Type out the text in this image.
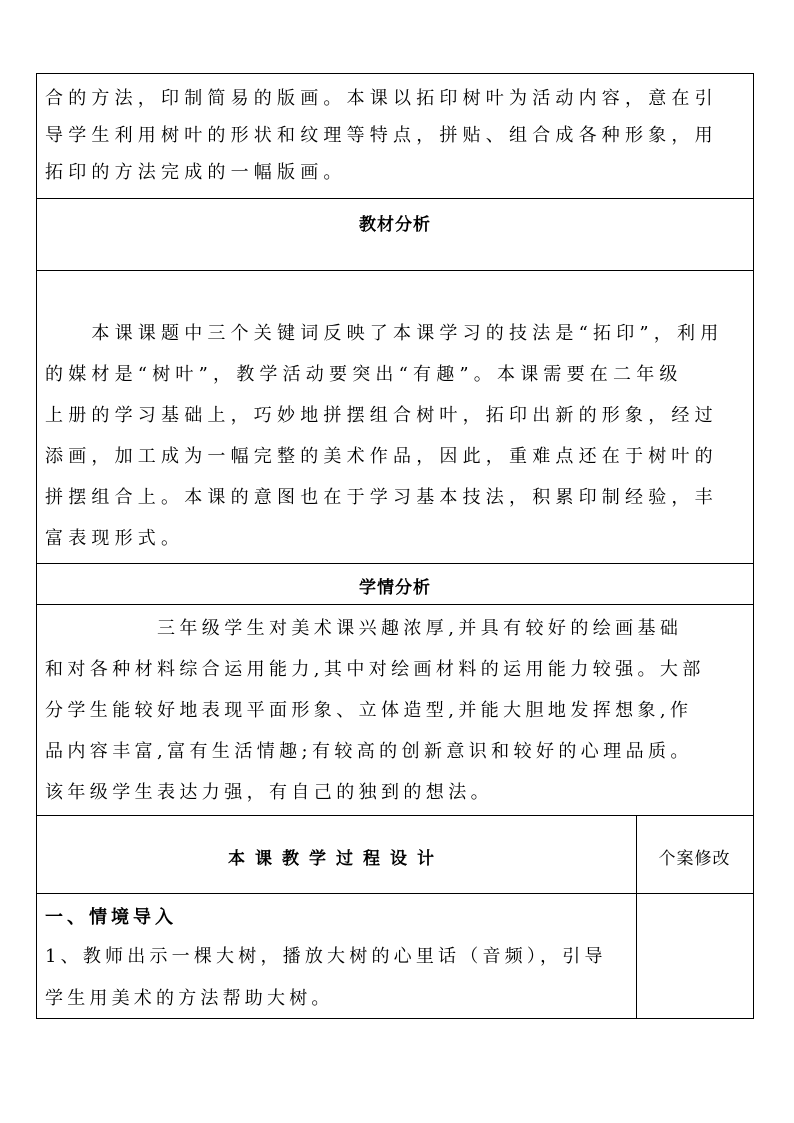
合的方法，印制简易的版画。本课以拓印树叶为活动内容，意在引
导学生利用树叶的形状和纹理等特点，拼贴、组合成各种形象，用
拓印的方法完成的一幅版画。
教材分析
　　本课课题中三个关键词反映了本课学习的技法是“拓印”，利用
的媒材是“树叶”，教学活动要突出“有趣”。本课需要在二年级
上册的学习基础上，巧妙地拼摆组合树叶，拓印出新的形象，经过
添画，加工成为一幅完整的美术作品，因此，重难点还在于树叶的
拼摆组合上。本课的意图也在于学习基本技法，积累印制经验，丰
富表现形式。
学情分析
　　　　　三年级学生对美术课兴趣浓厚,并具有较好的绘画基础
和对各种材料综合运用能力,其中对绘画材料的运用能力较强。大部
分学生能较好地表现平面形象、立体造型,并能大胆地发挥想象,作
品内容丰富,富有生活情趣;有较高的创新意识和较好的心理品质。
该年级学生表达力强，有自己的独到的想法。
本课教学过程设计	个案修改
一、情境导入
1、教师出示一棵大树，播放大树的心里话（音频），引导
学生用美术的方法帮助大树。
